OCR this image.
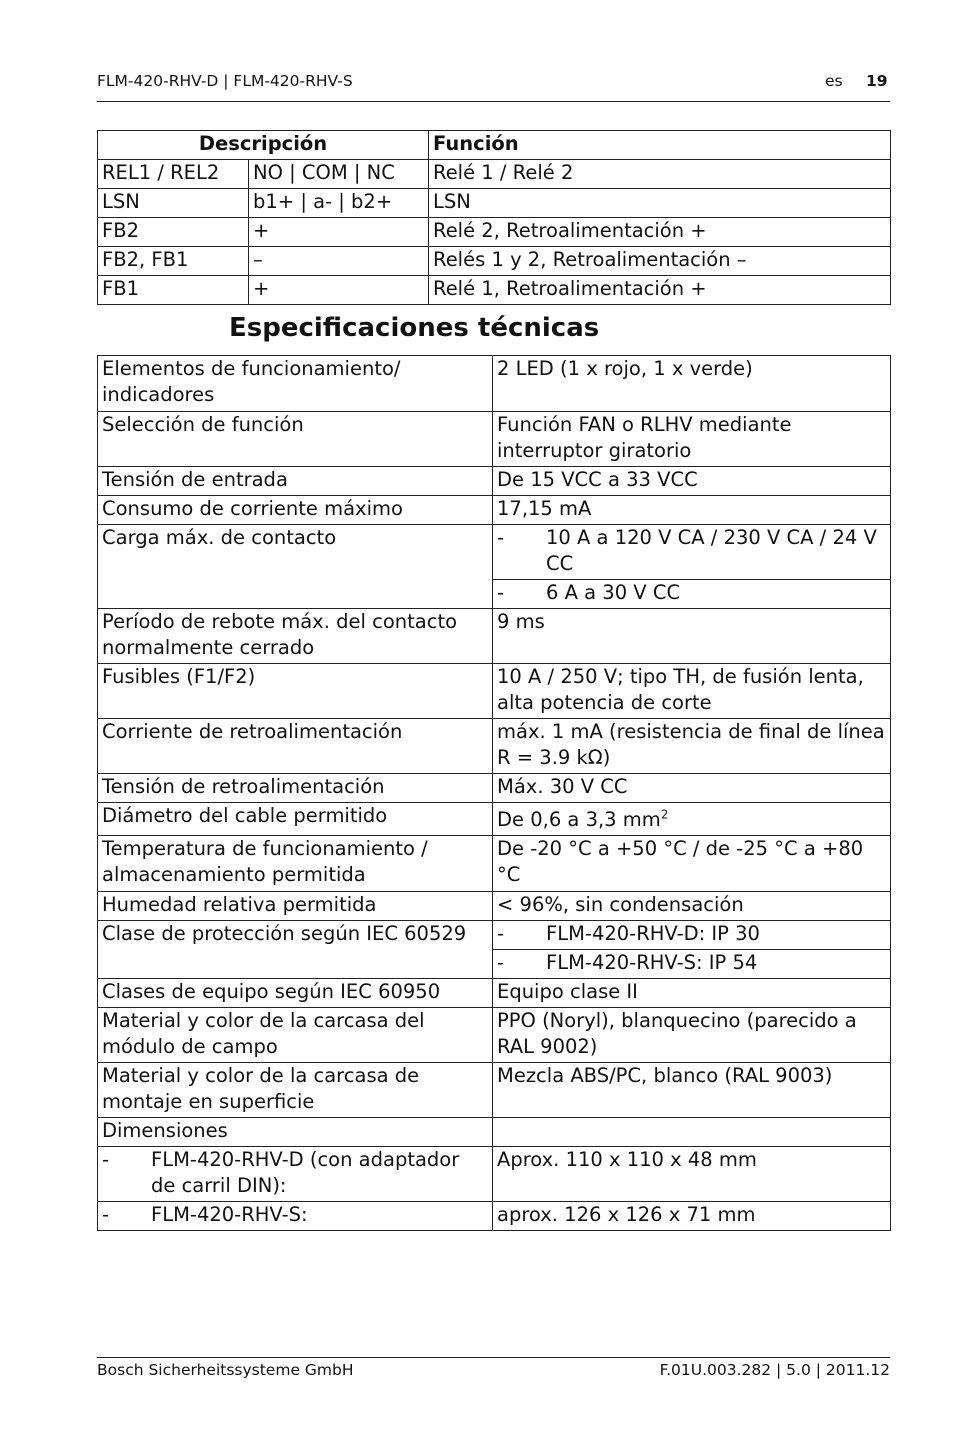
FLM-420-RHV-D | FLM-420-RHV-S	es 19
Descripción		Función
REL1 / REL2	NO | COM | NC	Relé 1 / Relé 2
LSN	b1+ | a- | b2+	LSN
FB2	+	Relé 2, Retroalimentación +
FB2, FB1	–	Relés 1 y 2, Retroalimentación –
FB1	+	Relé 1, Retroalimentación +
Especificaciones técnicas
Elementos de funcionamiento/ indicadores	2 LED (1 x rojo, 1 x verde)
Selección de función	Función FAN o RLHV mediante interruptor giratorio
Tensión de entrada	De 15 VCC a 33 VCC
Consumo de corriente máximo	17,15 mA
Carga máx. de contacto	- 10 A a 120 V CA / 230 V CA / 24 V CC

	- 6 A a 30 V CC

Período de rebote máx. del contacto normalmente cerrado	9 ms
Fusibles (F1/F2)	10 A / 250 V; tipo TH, de fusión lenta, alta potencia de corte
Corriente de retroalimentación	máx. 1 mA (resistencia de final de línea R = 3.9 kΩ)
Tensión de retroalimentación	Máx. 30 V CC
Diámetro del cable permitido	De 0,6 a 3,3 $mm^2$
Temperatura de funcionamiento / almacenamiento permitida	De -20 °C a +50 °C / de -25 °C a +80 °C
Humedad relativa permitida	< 96%, sin condensación
Clase de protección según IEC 60529	- FLM-420-RHV-D: IP 30

	- FLM-420-RHV-S: IP 54

Clases de equipo según IEC 60950	Equipo clase II
Material y color de la carcasa del módulo de campo	PPO (Noryl), blanquecino (parecido a RAL 9002)
Material y color de la carcasa de montaje en superficie	Mezcla ABS/PC, blanco (RAL 9003)
Dimensiones	

- FLM-420-RHV-D (con adaptador de carril DIN):	Aprox. 110 x 110 x 48 mm

- FLM-420-RHV-S:	aprox. 126 x 126 x 71 mm
Bosch Sicherheitssysteme GmbH	F.01U.003.282 | 5.0 | 2011.12
